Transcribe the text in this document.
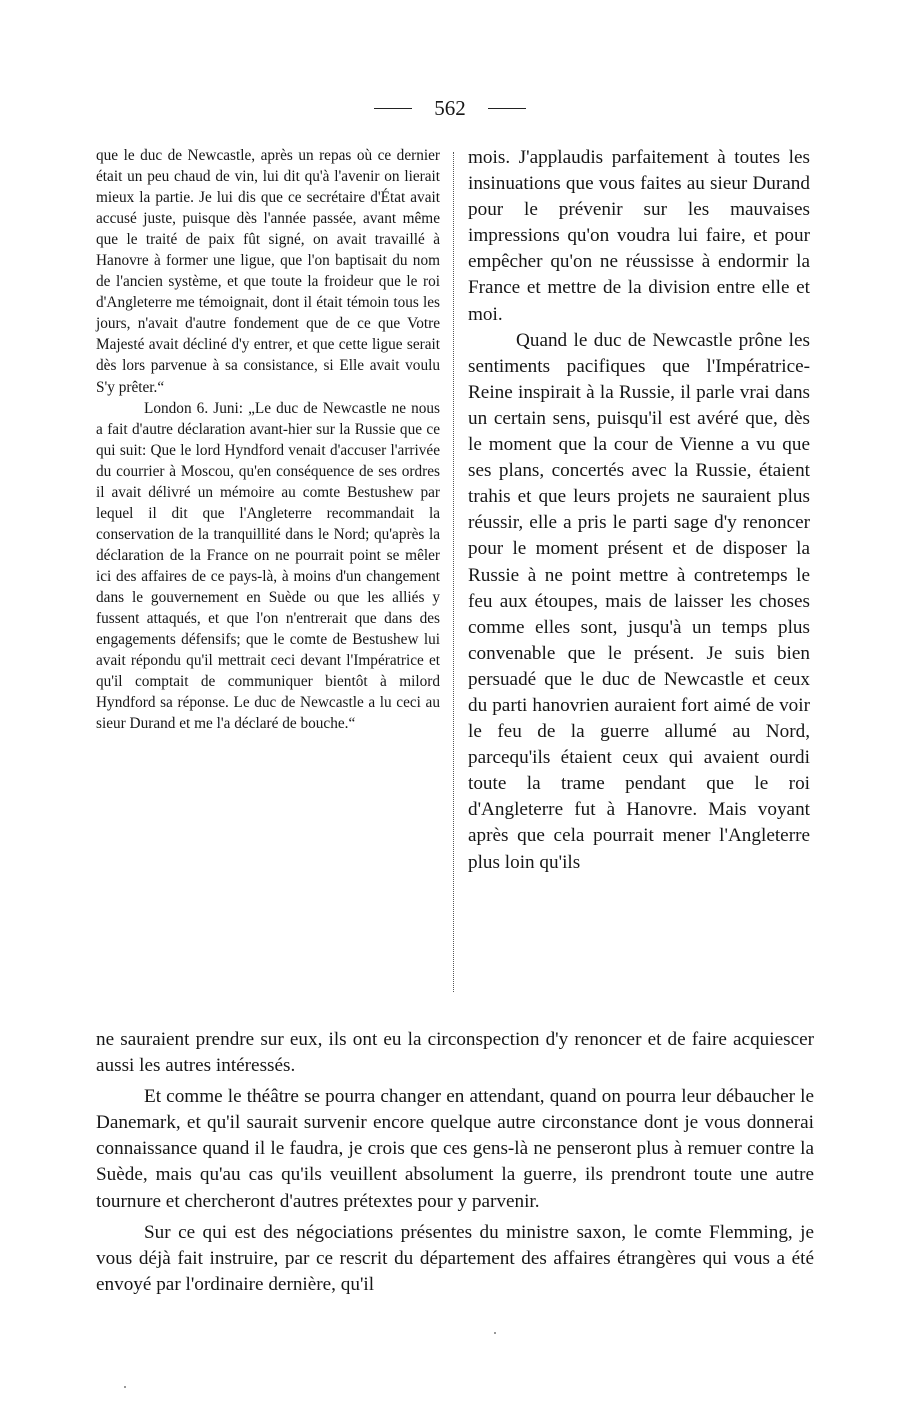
562

que le duc de Newcastle, après un repas où ce dernier était un peu chaud de vin, lui dit qu'à l'avenir on lierait mieux la partie. Je lui dis que ce secrétaire d'État avait accusé juste, puisque dès l'année passée, avant même que le traité de paix fût signé, on avait travaillé à Hanovre à former une ligue, que l'on baptisait du nom de l'ancien système, et que toute la froideur que le roi d'Angleterre me témoignait, dont il était témoin tous les jours, n'avait d'autre fondement que de ce que Votre Majesté avait décliné d'y entrer, et que cette ligue serait dès lors parvenue à sa consistance, si Elle avait voulu S'y prêter.“

London 6. Juni: „Le duc de Newcastle ne nous a fait d'autre déclaration avant-hier sur la Russie que ce qui suit: Que le lord Hyndford venait d'accuser l'arrivée du courrier à Moscou, qu'en conséquence de ses ordres il avait délivré un mémoire au comte Bestushew par lequel il dit que l'Angleterre recommandait la conservation de la tranquillité dans le Nord; qu'après la déclaration de la France on ne pourrait point se mêler ici des affaires de ce pays-là, à moins d'un changement dans le gouvernement en Suède ou que les alliés y fussent attaqués, et que l'on n'entrerait que dans des engagements défensifs; que le comte de Bestushew lui avait répondu qu'il mettrait ceci devant l'Impératrice et qu'il comptait de communiquer bientôt à milord Hyndford sa réponse. Le duc de Newcastle a lu ceci au sieur Durand et me l'a déclaré de bouche.“

mois. J'applaudis parfaitement à toutes les insinuations que vous faites au sieur Durand pour le prévenir sur les mauvaises impressions qu'on voudra lui faire, et pour empêcher qu'on ne réussisse à endormir la France et mettre de la division entre elle et moi.

Quand le duc de Newcastle prône les sentiments pacifiques que l'Impératrice-Reine inspirait à la Russie, il parle vrai dans un certain sens, puisqu'il est avéré que, dès le moment que la cour de Vienne a vu que ses plans, concertés avec la Russie, étaient trahis et que leurs projets ne sauraient plus réussir, elle a pris le parti sage d'y renoncer pour le moment présent et de disposer la Russie à ne point mettre à contretemps le feu aux étoupes, mais de laisser les choses comme elles sont, jusqu'à un temps plus convenable que le présent. Je suis bien persuadé que le duc de Newcastle et ceux du parti hanovrien auraient fort aimé de voir le feu de la guerre allumé au Nord, parcequ'ils étaient ceux qui avaient ourdi toute la trame pendant que le roi d'Angleterre fut à Hanovre. Mais voyant après que cela pourrait mener l'Angleterre plus loin qu'ils

ne sauraient prendre sur eux, ils ont eu la circonspection d'y renoncer et de faire acquiescer aussi les autres intéressés.

Et comme le théâtre se pourra changer en attendant, quand on pourra leur débaucher le Danemark, et qu'il saurait survenir encore quelque autre circonstance dont je vous donnerai connaissance quand il le faudra, je crois que ces gens-là ne penseront plus à remuer contre la Suède, mais qu'au cas qu'ils veuillent absolument la guerre, ils prendront toute une autre tournure et chercheront d'autres prétextes pour y parvenir.

Sur ce qui est des négociations présentes du ministre saxon, le comte Flemming, je vous déjà fait instruire, par ce rescrit du département des affaires étrangères qui vous a été envoyé par l'ordinaire dernière, qu'il
